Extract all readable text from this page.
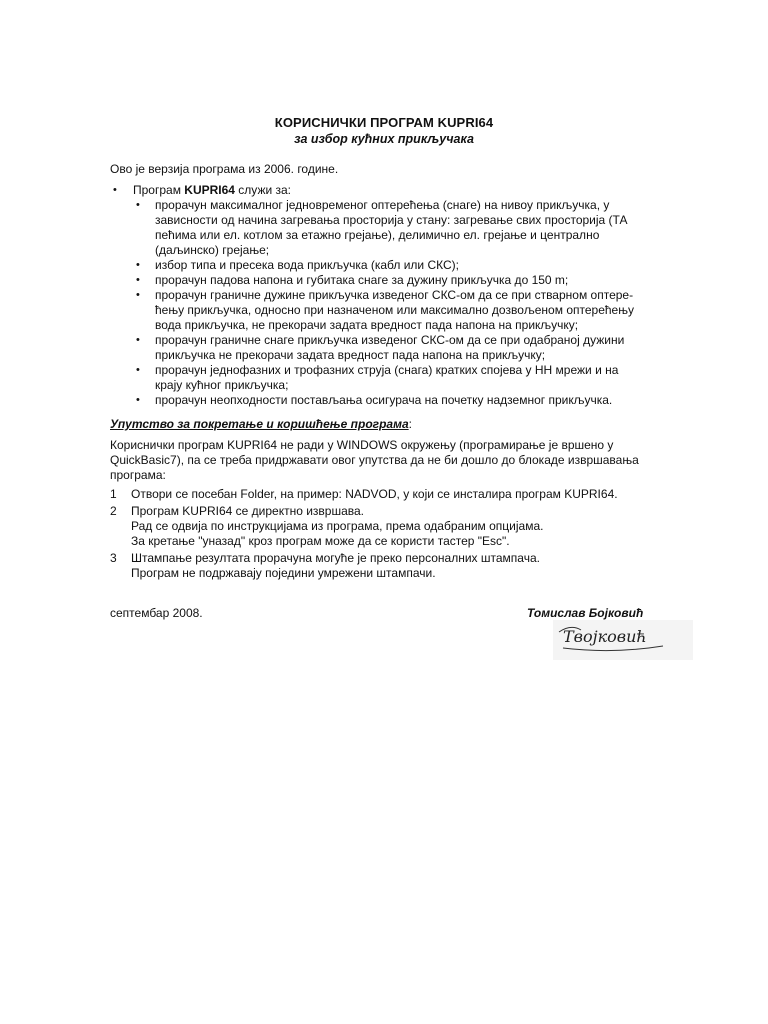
КОРИСНИЧКИ ПРОГРАМ KUPRI64
за избор кућних прикључака
Ово је верзија програма из 2006. године.
• Програм KUPRI64 служи за:
• прорачун максималног једновременог оптерећења (снаге) на нивоу прикључка, у
зависности од начина загревања просторија у стану: загревање свих просторија (ТА
пећима или ел. котлом за етажно грејање), делимично ел. грејање и централно
(даљинско) грејање;
• избор типа и пресека вода прикључка (кабл или СКС);
• прорачун падова напона и губитака снаге за дужину прикључка до 150 m;
• прорачун граничне дужине прикључка изведеног СКС-ом да се при стварном оптере-
ћењу прикључка, односно при назначеном или максимално дозвољеном оптерећењу
вода прикључка, не прекорачи задата вредност пада напона на прикључку;
• прорачун граничне снаге прикључка изведеног СКС-ом да се при одабраној дужини
прикључка не прекорачи задата вредност пада напона на прикључку;
• прорачун једнофазних и трофазних струја (снага) кратких спојева у НН мрежи и на
крају кућног прикључка;
• прорачун неопходности постављања осигурача на почетку надземног прикључка.
Упутство за покретање и коришћење програма:
Кориснички програм KUPRI64 не ради у WINDOWS окружењу (програмирање је вршено у
QuickBasic7), па се треба придржавати овог упутства да не би дошло до блокаде извршавања
програма:
1 Отвори се посебан Folder, на пример: NADVOD, у који се инсталира програм KUPRI64.
2 Програм KUPRI64 се директно извршава.
Рад се одвија по инструкцијама из програма, према одабраним опцијама.
За кретање "уназад" кроз програм може да се користи тастер "Esc".
3 Штампање резултата прорачуна могуће је преко персоналних штампача.
Програм не подржавају поједини умрежени штампачи.
септембар 2008.	Томислав Бојковић
Твојковић
